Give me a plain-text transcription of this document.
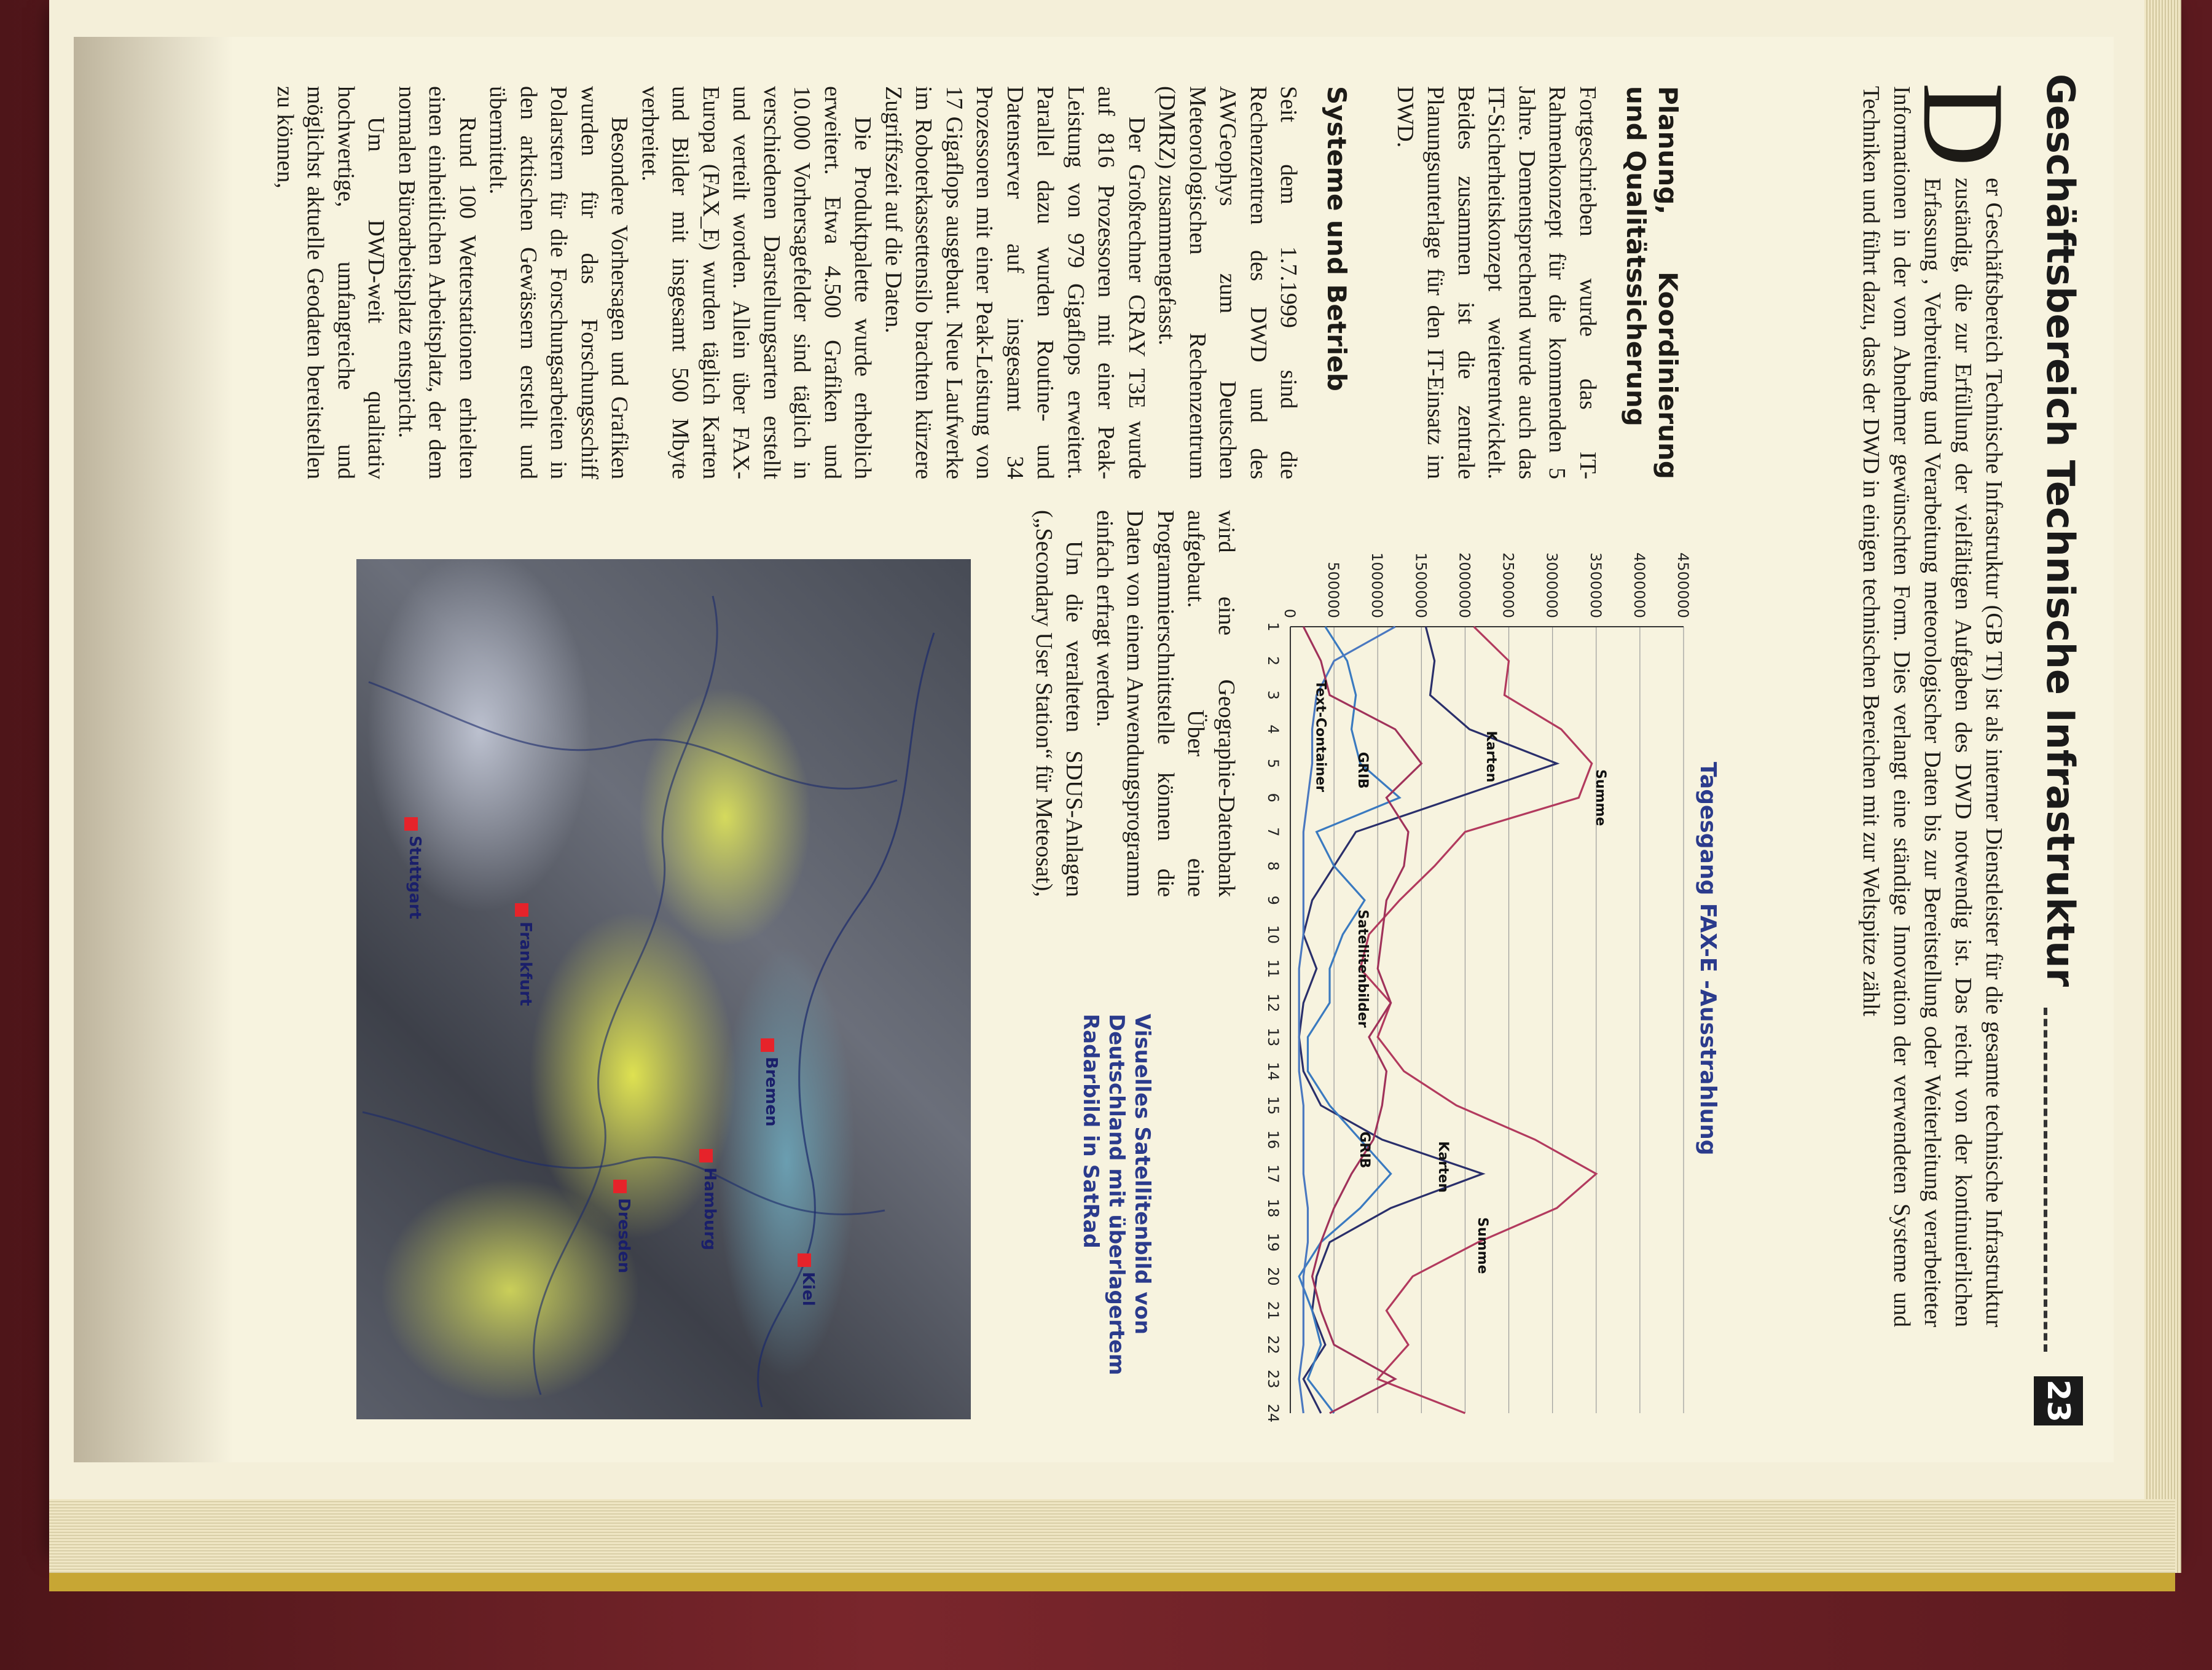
Geschäftsbereich Technische Infrastruktur
23
D
er Geschäftsbereich Technische Infrastruktur (GB TI) ist als interner Dienstleister für die gesamte technische Infrastruktur zuständig, die zur Erfüllung der vielfältigen Aufgaben des DWD notwendig ist. Das reicht von der kontinuierlichen Erfassung , Verbreitung und Verarbeitung meteorologischer Daten bis zur Bereitstellung oder Weiterleitung verarbeiteter Informationen in der vom Abnehmer gewünschten Form. Dies verlangt eine ständige Innovation der verwendeten Systeme und Techniken und führt dazu, dass der DWD in einigen technischen Bereichen mit zur Weltspitze zählt
Planung, Koordinierung und Qualitätssicherung

Fortgeschrieben wurde das IT-Rahmenkonzept für die kommenden 5 Jahre. Dementsprechend wurde auch das IT-Sicherheitskonzept weiterentwickelt. Beides zusammen ist die zentrale Planungsunterlage für den IT-Einsatz im DWD.

Systeme und Betrieb

Seit dem 1.7.1999 sind die Rechenzentren des DWD und des AWGeophys zum Deutschen Meteorologischen Rechenzentrum (DMRZ) zusammengefasst.

Der Großrechner CRAY T3E wurde auf 816 Prozessoren mit einer Peak-Leistung von 979 Gigaflops erweitert. Parallel dazu wurden Routine- und Datenserver auf insgesamt 34 Prozessoren mit einer Peak-Leistung von 17 Gigaflops ausgebaut. Neue Laufwerke im Roboterkassettensilo brachten kürzere Zugriffszeit auf die Daten.

Die Produktpalette wurde erheblich erweitert. Etwa 4.500 Grafiken und 10.000 Vorhersagefelder sind täglich in verschiedenen Darstellungsarten erstellt und verteilt worden. Allein über FAX-Europa (FAX_E) wurden täglich Karten und Bilder mit insgesamt 500 Mbyte verbreitet.

Besondere Vorhersagen und Grafiken wurden für das Forschungsschiff Polarstern für die Forschungsarbeiten in den arktischen Gewässern erstellt und übermittelt.

Rund 100 Wetterstationen erhielten einen einheitlichen Arbeitsplatz, der dem normalen Büroarbeitsplatz entspricht.

Um DWD-weit qualitativ hochwertige, umfangreiche und möglichst aktuelle Geodaten bereitstellen zu können,

Tagesgang FAX-E -Ausstrahlung
0 500000 1000000 1500000 2000000 2500000 3000000 3500000 4000000 4500000
1
2
3
4
5
6
7
8
9
10
11
12
13
14
15
16
17
18
19
20
21
22
23
24
Summe
Karten
GRIB
Text-Container
Satellitenbilder
Summe
Karten
GRIB

wird eine Geographie-Datenbank aufgebaut. Über eine Programmierschnittstelle können die Daten von einem Anwendungsprogramm einfach erfragt werden.

Um die veralteten SDUS-Anlagen („Secondary User Station“ für Meteosat),

Visuelles Satellitenbild von Deutschland mit überlagertem Radarbild in SatRad
Kiel
Hamburg
Bremen
Frankfurt
Stuttgart
Dresden
